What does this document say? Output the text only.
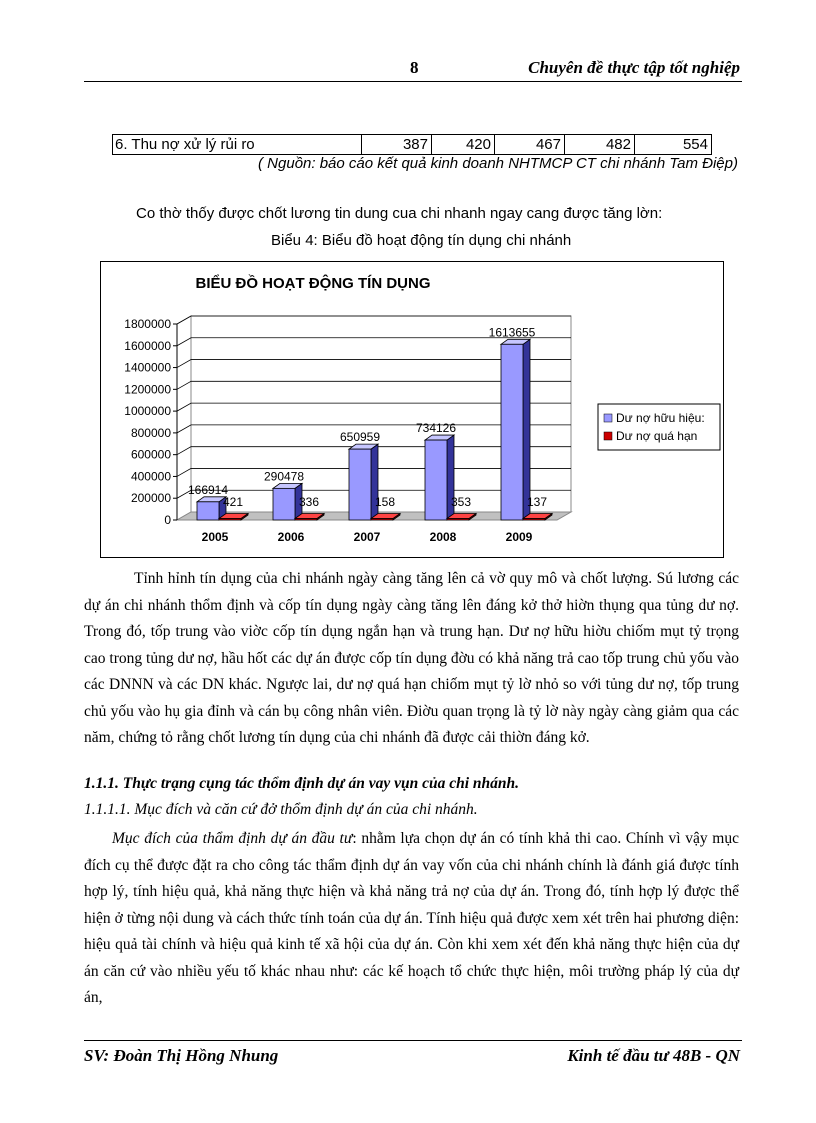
8	Chuyên đề thực tập tốt nghiệp
6. Thu nợ xử lý rủi ro	387	420	467	482	554
( Nguồn: báo cáo kết quả kinh doanh NHTMCP CT chi nhánh Tam Điệp)
Co thờ thốy được chốt lương tin dung cua chi nhanh ngay cang được tăng lờn:
Biểu 4: Biểu đồ hoạt động tín dụng chi nhánh
BIỂU ĐỒ HOẠT ĐỘNG TÍN DỤNG
0
200000
400000
600000
800000
1000000
1200000
1400000
1600000
1800000
166914
421
290478
336
650959
158
734126
353
1613655
137
2005	2006	2007	2008	2009
Dư nợ hữu hiệu:
Dư nợ quá hạn

Tỉnh hỉnh tín dụng của chi nhánh ngày càng tăng lên cả vờ quy mô và chốt lượng. Sú lương các dự án chi nhánh thổm định và cốp tín dụng ngày càng tăng lên đáng kở thở hiờn thụng qua tủng dư nợ. Trong đó, tốp trung vào viờc cốp tín dụng ngắn hạn và trung hạn. Dư nợ hữu hiờu chiốm mụt tỷ trọng cao trong tủng dư nợ, hầu hốt các dự án được cốp tín dụng đờu có khả năng trả cao tốp trung chủ yốu vào các DNNN và các DN khác. Ngược lai, dư nợ quá hạn chiốm mụt tỷ lờ nhỏ so với tủng dư nợ, tốp trung chủ yốu vào hụ gia đỉnh và cán bụ công nhân viên. Điờu quan trọng là tỷ lờ này ngày càng giảm qua các năm, chứng tỏ rằng chốt lương tín dụng của chi nhánh đã được cải thiờn đáng kở.

1.1.1. Thực trạng cụng tác thổm định dự án vay vụn của chi nhánh.
1.1.1.1. Mục đích và căn cứ đở thổm định dự án của chi nhánh.

Mục đích của thẩm định dự án đầu tư: nhằm lựa chọn dự án có tính khả thi cao. Chính vì vậy mục đích cụ thể được đặt ra cho công tác thẩm định dự án vay vốn của chi nhánh chính là đánh giá được tính hợp lý, tính hiệu quả, khả năng thực hiện và khả năng trả nợ của dự án. Trong đó, tính hợp lý được thể hiện ở từng nội dung và cách thức tính toán của dự án. Tính hiệu quả được xem xét trên hai phương diện: hiệu quả tài chính và hiệu quả kinh tế xã hội của dự án. Còn khi xem xét đến khả năng thực hiện của dự án căn cứ vào nhiều yếu tố khác nhau như: các kế hoạch tổ chức thực hiện, môi trường pháp lý của dự án,

SV: Đoàn Thị Hồng Nhung	Kinh tế đầu tư 48B - QN
